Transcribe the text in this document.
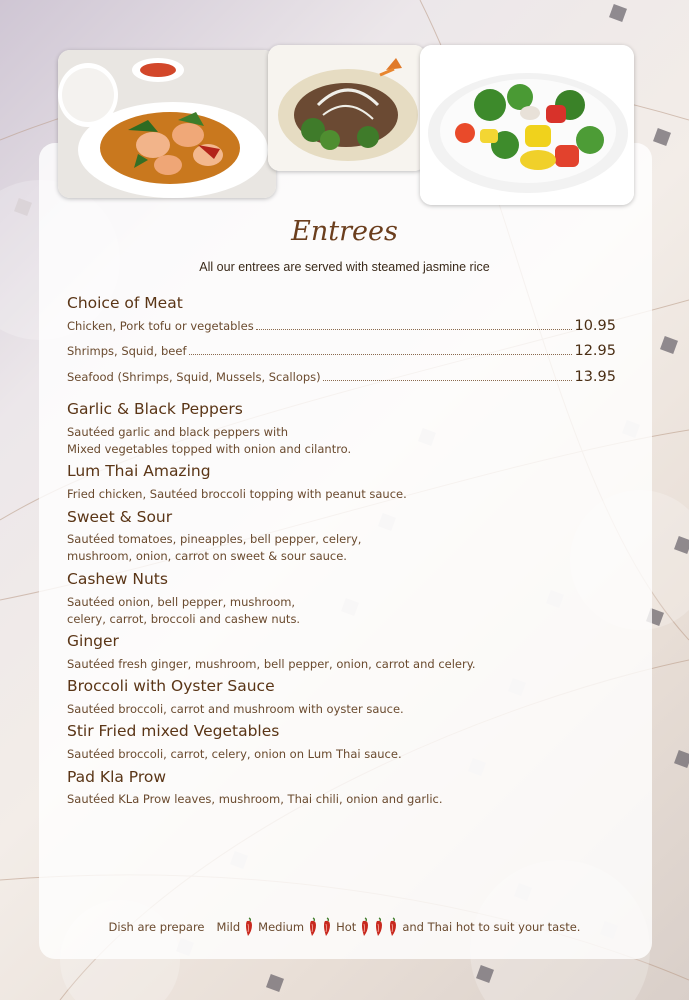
Entrees
All our entrees are served with steamed jasmine rice
Choice of Meat
Chicken, Pork tofu or vegetables	10.95
Shrimps, Squid, beef	12.95
Seafood (Shrimps, Squid, Mussels, Scallops)	13.95
Garlic & Black Peppers
Sautéed garlic and black peppers with
Mixed vegetables topped with onion and cilantro.
Lum Thai Amazing
Fried chicken, Sautéed broccoli topping with peanut sauce.
Sweet & Sour
Sautéed tomatoes, pineapples, bell pepper, celery,
mushroom, onion, carrot on sweet & sour sauce.
Cashew Nuts
Sautéed onion, bell pepper, mushroom,
celery, carrot, broccoli and cashew nuts.
Ginger
Sautéed fresh ginger, mushroom, bell pepper, onion, carrot and celery.
Broccoli with Oyster Sauce
Sautéed broccoli, carrot and mushroom with oyster sauce.
Stir Fried mixed Vegetables
Sautéed broccoli, carrot, celery, onion on Lum Thai sauce.
Pad Kla Prow
Sautéed KLa Prow leaves, mushroom, Thai chili, onion and garlic.
Dish are prepare Mild Medium	Hot	and Thai hot to suit your taste.
